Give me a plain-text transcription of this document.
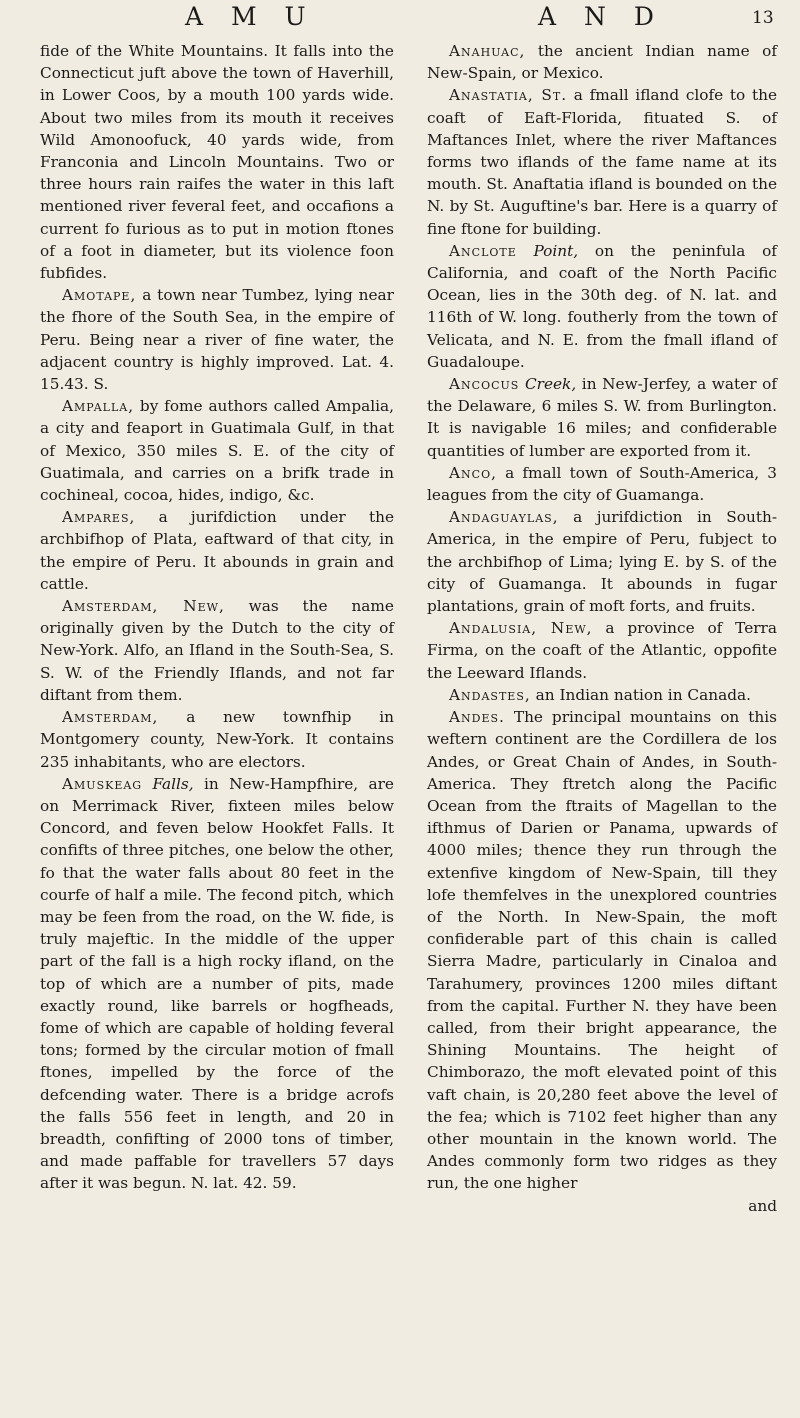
A M U	A N D	13

fide of the White Mountains. It falls into the Connecticut juft above the town of Haverhill, in Lower Coos, by a mouth 100 yards wide. About two miles from its mouth it receives Wild Amonoofuck, 40 yards wide, from Franconia and Lincoln Mountains. Two or three hours rain raifes the water in this laft mentioned river feveral feet, and occafions a current fo furious as to put in motion ftones of a foot in diameter, but its violence foon fubfides.

Amotape, a town near Tumbez, lying near the fhore of the South Sea, in the empire of Peru. Being near a river of fine water, the adjacent country is highly improved. Lat. 4. 15.43. S.

Ampalla, by fome authors called Ampalia, a city and feaport in Guatimala Gulf, in that of Mexico, 350 miles S. E. of the city of Guatimala, and carries on a brifk trade in cochineal, cocoa, hides, indigo, &c.

Ampares, a jurifdiction under the archbifhop of Plata, eaftward of that city, in the empire of Peru. It abounds in grain and cattle.

Amsterdam, New, was the name originally given by the Dutch to the city of New-York. Alfo, an Ifland in the South-Sea, S. S. W. of the Friendly Iflands, and not far diftant from them.

Amsterdam, a new townfhip in Montgomery county, New-York. It contains 235 inhabitants, who are electors.

Amuskeag Falls, in New-Hampfhire, are on Merrimack River, fixteen miles below Concord, and feven below Hookfet Falls. It confifts of three pitches, one below the other, fo that the water falls about 80 feet in the courfe of half a mile. The fecond pitch, which may be feen from the road, on the W. fide, is truly majeftic. In the middle of the upper part of the fall is a high rocky ifland, on the top of which are a number of pits, made exactly round, like barrels or hogfheads, fome of which are capable of holding feveral tons; formed by the circular motion of fmall ftones, impelled by the force of the defcending water. There is a bridge acrofs the falls 556 feet in length, and 20 in breadth, confifting of 2000 tons of timber, and made paffable for travellers 57 days after it was begun. N. lat. 42. 59.

Anahuac, the ancient Indian name of New-Spain, or Mexico.

Anastatia, St. a fmall ifland clofe to the coaft of Eaft-Florida, fituated S. of Maftances Inlet, where the river Maftances forms two iflands of the fame name at its mouth. St. Anaftatia ifland is bounded on the N. by St. Auguftine's bar. Here is a quarry of fine ftone for building.

Anclote Point, on the peninfula of California, and coaft of the North Pacific Ocean, lies in the 30th deg. of N. lat. and 116th of W. long. foutherly from the town of Velicata, and N. E. from the fmall ifland of Guadaloupe.

Ancocus Creek, in New-Jerfey, a water of the Delaware, 6 miles S. W. from Burlington. It is navigable 16 miles; and confiderable quantities of lumber are exported from it.

Anco, a fmall town of South-America, 3 leagues from the city of Guamanga.

Andaguaylas, a jurifdiction in South-America, in the empire of Peru, fubject to the archbifhop of Lima; lying E. by S. of the city of Guamanga. It abounds in fugar plantations, grain of moft forts, and fruits.

Andalusia, New, a province of Terra Firma, on the coaft of the Atlantic, oppofite the Leeward Iflands.

Andastes, an Indian nation in Canada.

Andes. The principal mountains on this weftern continent are the Cordillera de los Andes, or Great Chain of Andes, in South-America. They ftretch along the Pacific Ocean from the ftraits of Magellan to the ifthmus of Darien or Panama, upwards of 4000 miles; thence they run through the extenfive kingdom of New-Spain, till they lofe themfelves in the unexplored countries of the North. In New-Spain, the moft confiderable part of this chain is called Sierra Madre, particularly in Cinaloa and Tarahumery, provinces 1200 miles diftant from the capital. Further N. they have been called, from their bright appearance, the Shining Mountains. The height of Chimborazo, the moft elevated point of this vaft chain, is 20,280 feet above the level of the fea; which is 7102 feet higher than any other mountain in the known world. The Andes commonly form two ridges as they run, the one higher

and
